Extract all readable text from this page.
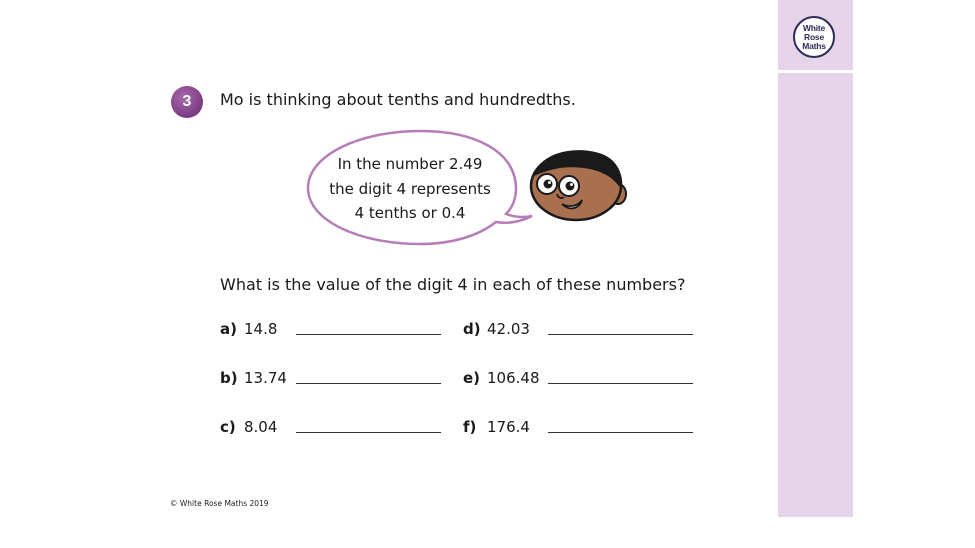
White
Rose
Maths
3	Mo is thinking about tenths and hundredths.
In the number 2.49
the digit 4 represents
4 tenths or 0.4
What is the value of the digit 4 in each of these numbers?
a) 14.8
b) 13.74
c) 8.04
d) 42.03
e) 106.48
f) 176.4
© White Rose Maths 2019
